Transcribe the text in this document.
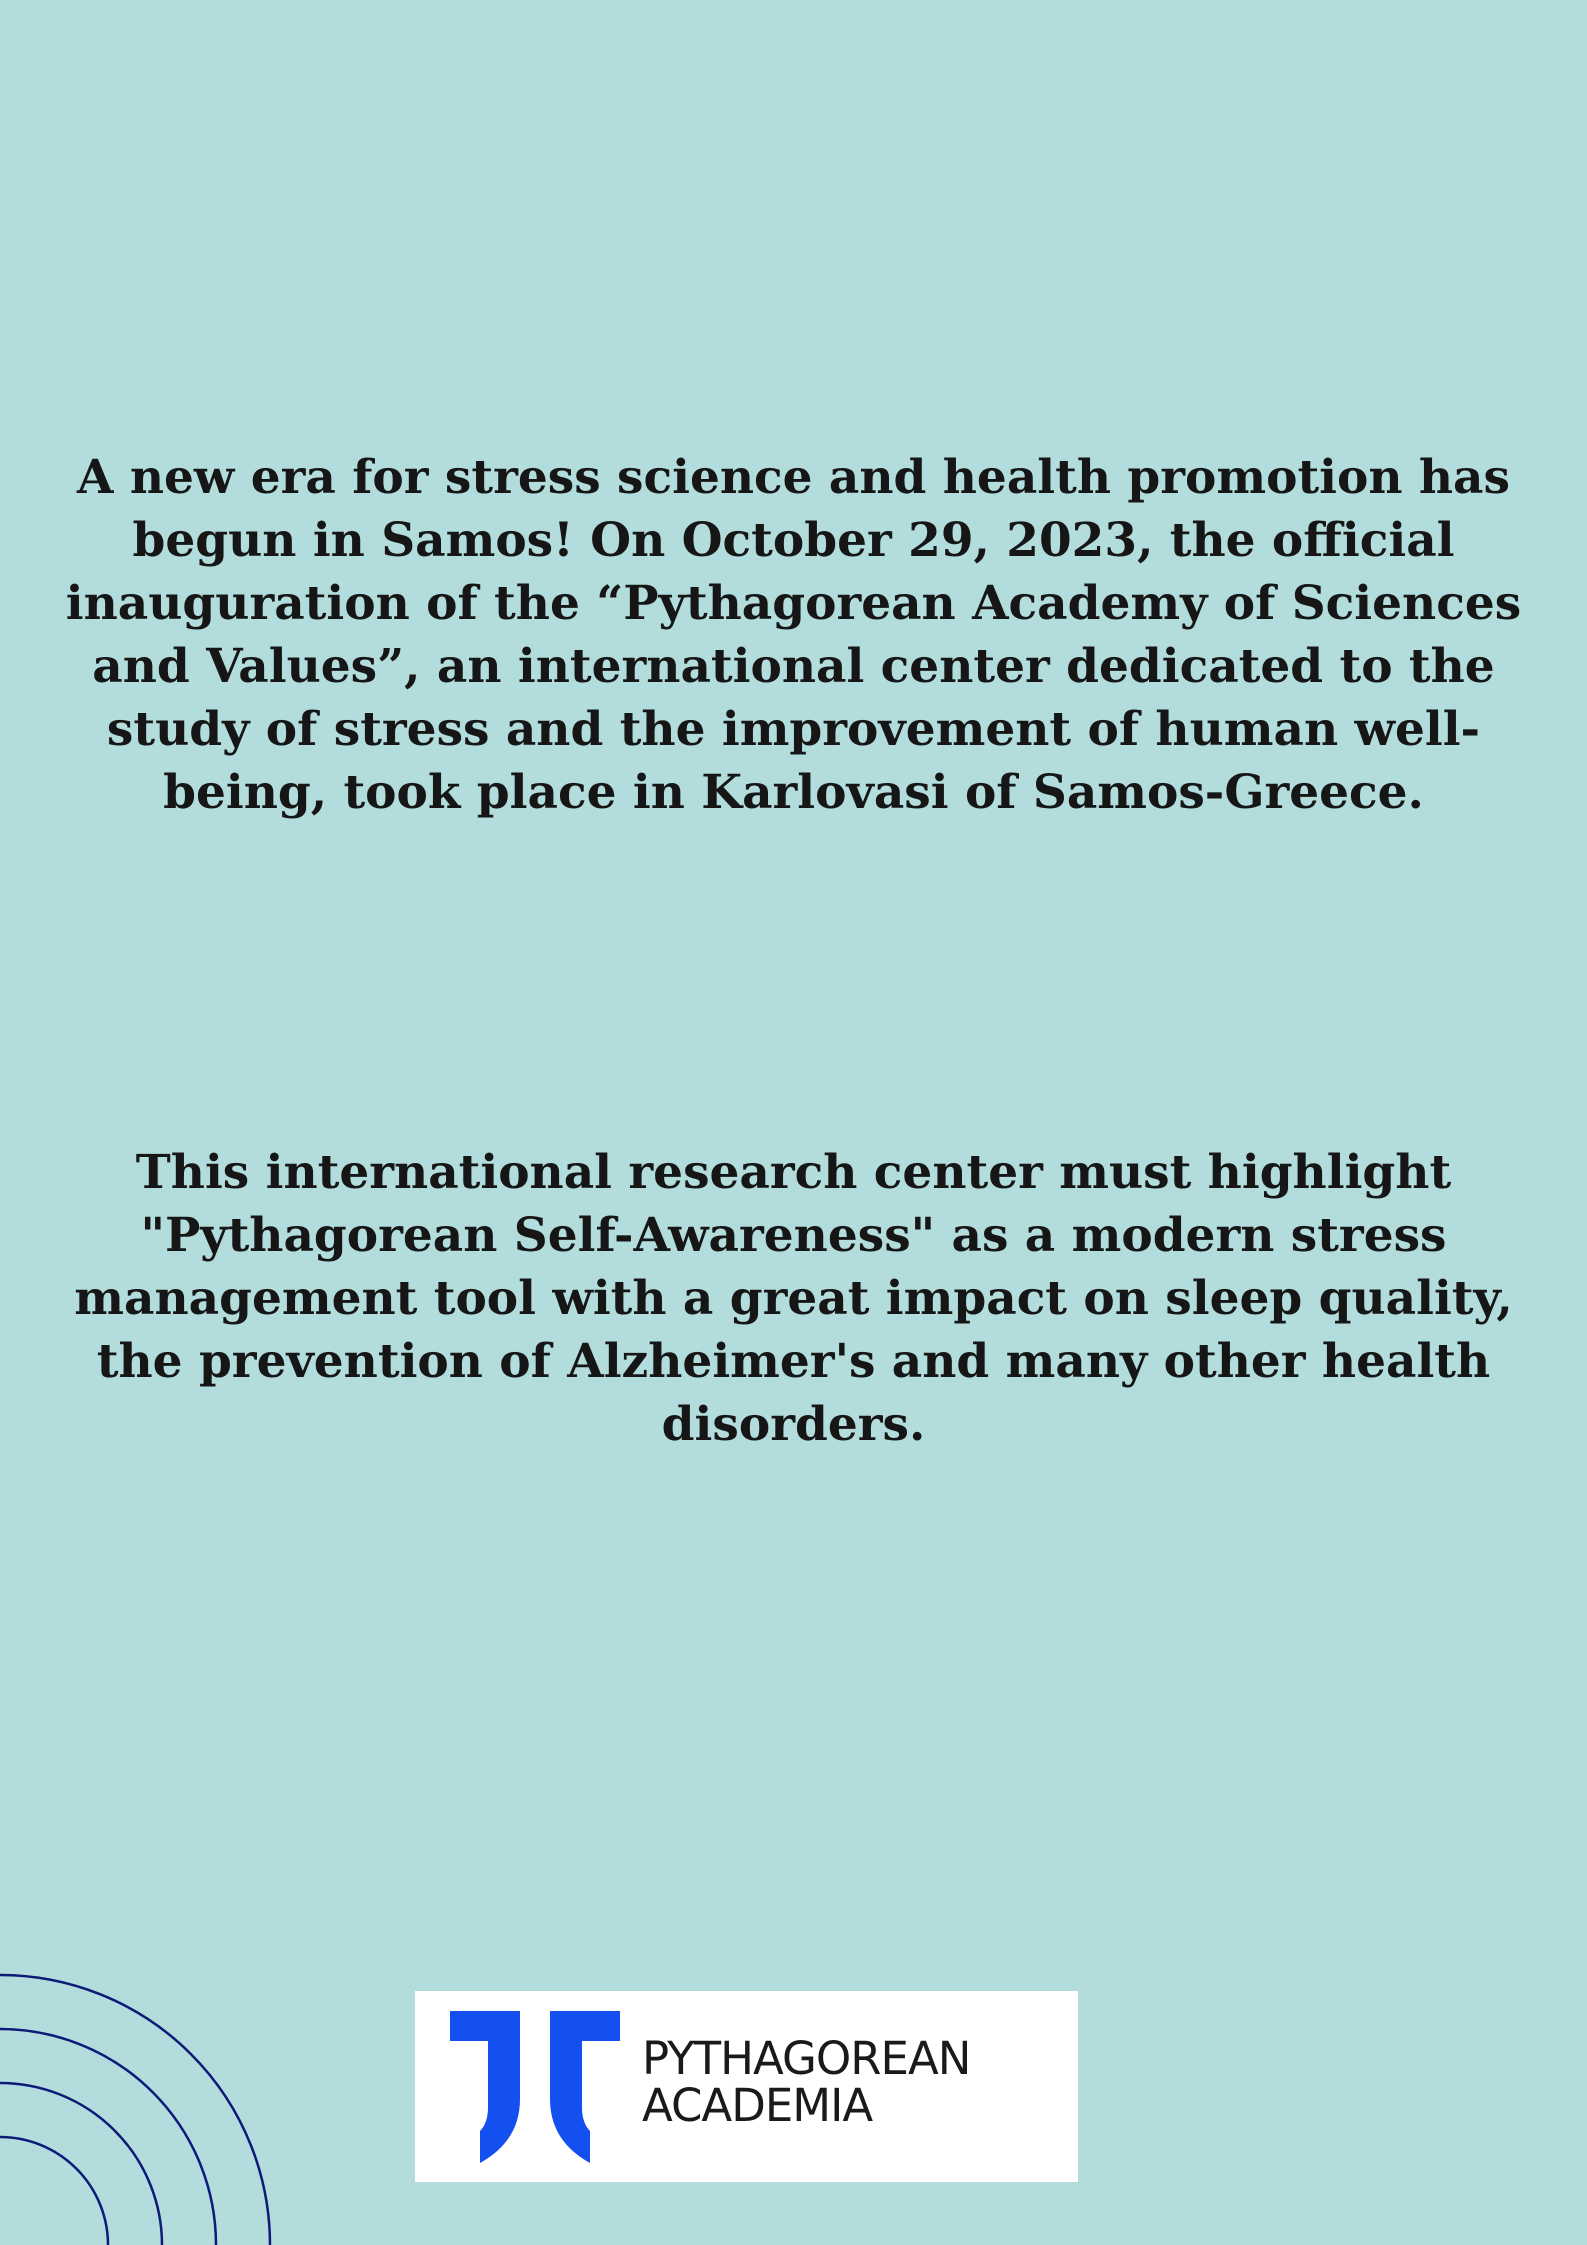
A new era for stress science and health promotion has begun in Samos! On October 29, 2023, the official inauguration of the “Pythagorean Academy of Sciences and Values”, an international center dedicated to the study of stress and the improvement of human well-being, took place in Karlovasi of Samos-Greece.

This international research center must highlight "Pythagorean Self-Awareness" as a modern stress management tool with a great impact on sleep quality, the prevention of Alzheimer's and many other health disorders.

PYTHAGOREAN
ACADEMIA
